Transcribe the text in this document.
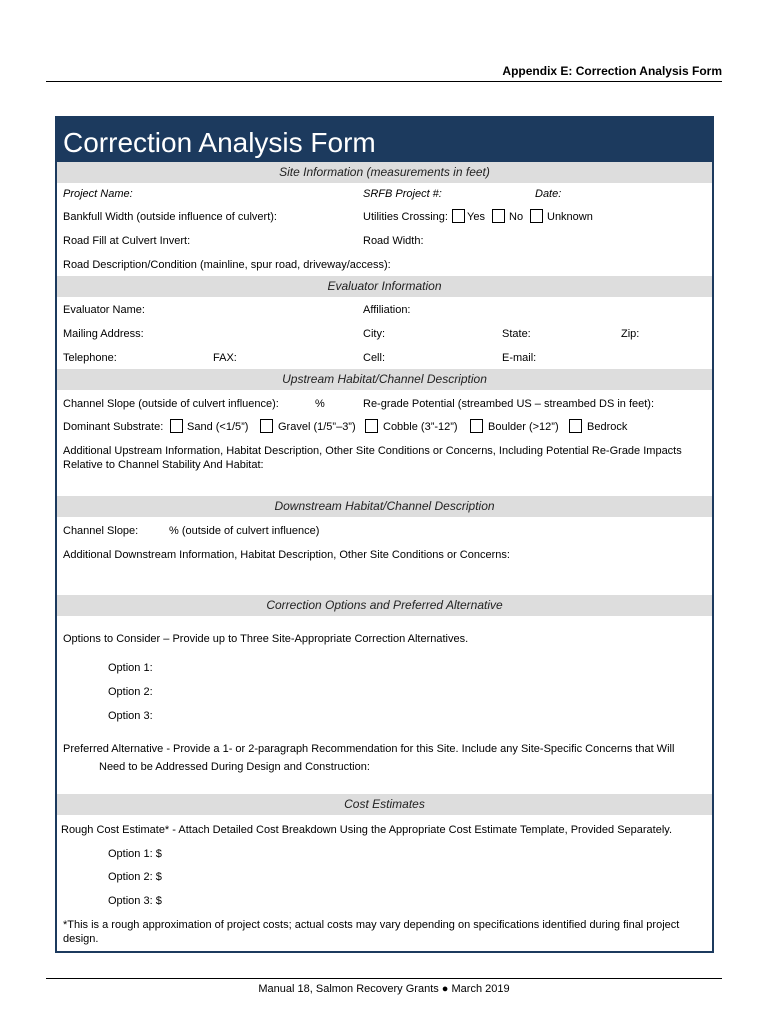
Appendix E: Correction Analysis Form
Correction Analysis Form
Site Information (measurements in feet)
Project Name:	SRFB Project #:	Date:
Bankfull Width (outside influence of culvert):	Utilities Crossing: Yes No Unknown
Road Fill at Culvert Invert:	Road Width:
Road Description/Condition (mainline, spur road, driveway/access):
Evaluator Information
Evaluator Name:	Affiliation:
Mailing Address:	City:	State:	Zip:
Telephone:	FAX:	Cell:	E-mail:
Upstream Habitat/Channel Description
Channel Slope (outside of culvert influence):	%	Re-grade Potential (streambed US – streambed DS in feet):
Dominant Substrate: Sand (<1/5”)	Gravel (1/5”–3”) Cobble (3”-12”)	Boulder (>12”)	Bedrock
Additional Upstream Information, Habitat Description, Other Site Conditions or Concerns, Including Potential Re-Grade Impacts Relative to Channel Stability And Habitat:
Downstream Habitat/Channel Description
Channel Slope:	% (outside of culvert influence)
Additional Downstream Information, Habitat Description, Other Site Conditions or Concerns:
Correction Options and Preferred Alternative
Options to Consider – Provide up to Three Site-Appropriate Correction Alternatives.
Option 1:
Option 2:
Option 3:
Preferred Alternative - Provide a 1- or 2-paragraph Recommendation for this Site. Include any Site-Specific Concerns that Will
Need to be Addressed During Design and Construction:
Cost Estimates
Rough Cost Estimate* - Attach Detailed Cost Breakdown Using the Appropriate Cost Estimate Template, Provided Separately.
Option 1: $
Option 2: $
Option 3: $
*This is a rough approximation of project costs; actual costs may vary depending on specifications identified during final project design.
Manual 18, Salmon Recovery Grants ● March 2019
